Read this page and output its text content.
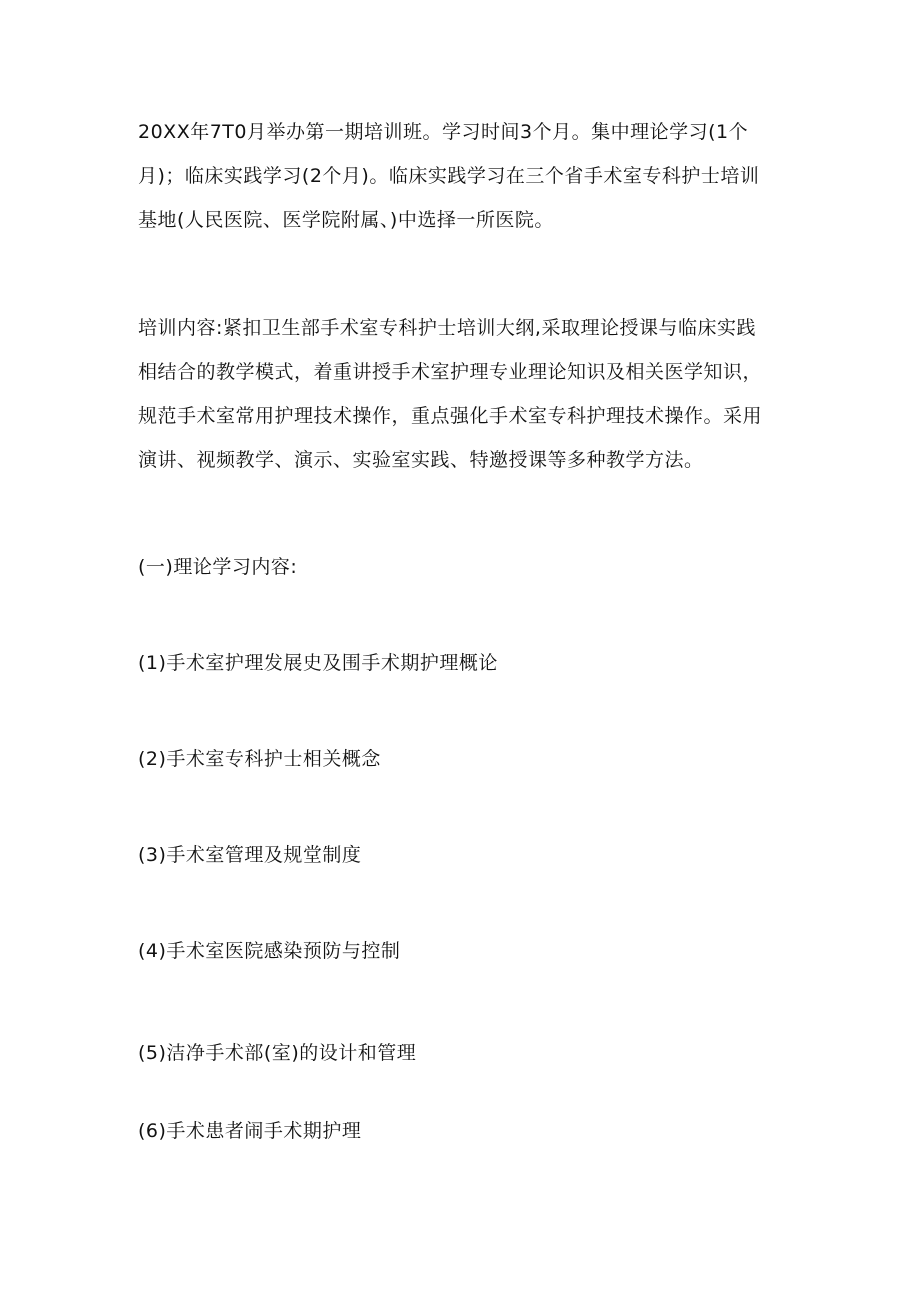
20XX年7T0月举办第一期培训班。学习时间3个月。集中理论学习(1个
月)；临床实践学习(2个月)。临床实践学习在三个省手术室专科护士培训
基地(人民医院、医学院附属、)中选择一所医院。

培训内容:紧扣卫生部手术室专科护士培训大纲,采取理论授课与临床实践
相结合的教学模式，着重讲授手术室护理专业理论知识及相关医学知识，
规范手术室常用护理技术操作，重点强化手术室专科护理技术操作。采用
演讲、视频教学、演示、实验室实践、特邀授课等多种教学方法。

(一)理论学习内容:

(1)手术室护理发展史及围手术期护理概论

(2)手术室专科护士相关概念

(3)手术室管理及规堂制度

(4)手术室医院感染预防与控制

(5)洁净手术部(室)的设计和管理

(6)手术患者闹手术期护理
